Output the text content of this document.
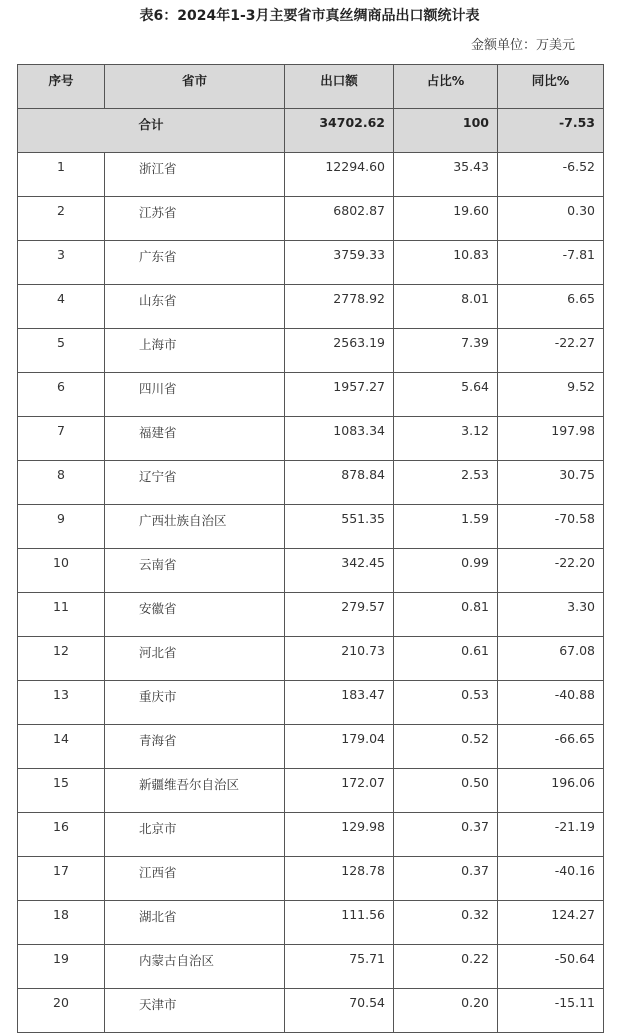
表6：2024年1-3月主要省市真丝绸商品出口额统计表
金额单位：万美元
序号	省市	出口额	占比%	同比%
合计		34702.62	100	-7.53
1	浙江省	12294.60	35.43	-6.52
2	江苏省	6802.87	19.60	0.30
3	广东省	3759.33	10.83	-7.81
4	山东省	2778.92	8.01	6.65
5	上海市	2563.19	7.39	-22.27
6	四川省	1957.27	5.64	9.52
7	福建省	1083.34	3.12	197.98
8	辽宁省	878.84	2.53	30.75
9	广西壮族自治区	551.35	1.59	-70.58
10	云南省	342.45	0.99	-22.20
11	安徽省	279.57	0.81	3.30
12	河北省	210.73	0.61	67.08
13	重庆市	183.47	0.53	-40.88
14	青海省	179.04	0.52	-66.65
15	新疆维吾尔自治区	172.07	0.50	196.06
16	北京市	129.98	0.37	-21.19
17	江西省	128.78	0.37	-40.16
18	湖北省	111.56	0.32	124.27
19	内蒙古自治区	75.71	0.22	-50.64
20	天津市	70.54	0.20	-15.11
